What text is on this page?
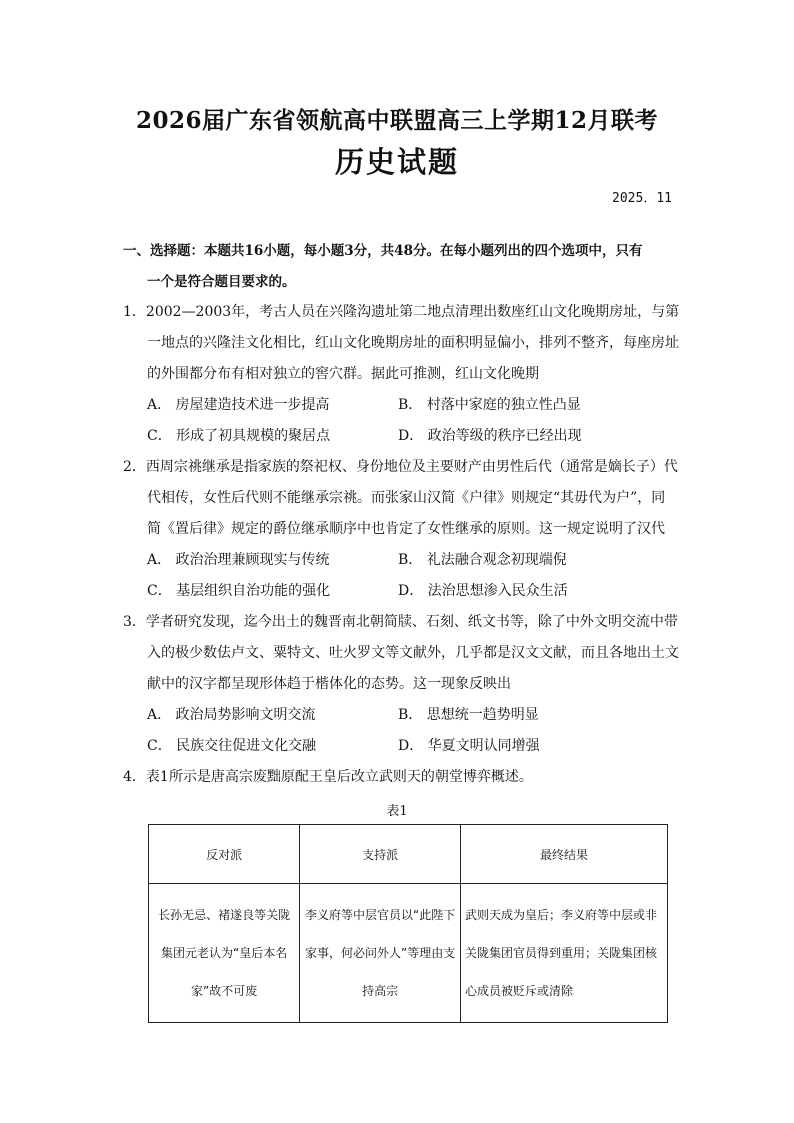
2026届广东省领航高中联盟高三上学期12月联考
历史试题
2025．11
一、选择题：本题共16小题，每小题3分，共48分。在每小题列出的四个选项中，只有
一个是符合题目要求的。
1．2002—2003年，考古人员在兴隆沟遗址第二地点清理出数座红山文化晚期房址，与第
一地点的兴隆洼文化相比，红山文化晚期房址的面积明显偏小，排列不整齐，每座房址
的外围都分布有相对独立的窖穴群。据此可推测，红山文化晚期
A． 房屋建造技术进一步提高	B． 村落中家庭的独立性凸显
C． 形成了初具规模的聚居点	D． 政治等级的秩序已经出现
2．西周宗祧继承是指家族的祭祀权、身份地位及主要财产由男性后代（通常是嫡长子）代
代相传，女性后代则不能继承宗祧。而张家山汉简《户律》则规定“其毋代为户”，同
简《置后律》规定的爵位继承顺序中也肯定了女性继承的原则。这一规定说明了汉代
A． 政治治理兼顾现实与传统	B． 礼法融合观念初现端倪
C． 基层组织自治功能的强化	D． 法治思想渗入民众生活
3．学者研究发现，迄今出土的魏晋南北朝简牍、石刻、纸文书等，除了中外文明交流中带
入的极少数佉卢文、粟特文、吐火罗文等文献外，几乎都是汉文文献，而且各地出土文
献中的汉字都呈现形体趋于楷体化的态势。这一现象反映出
A． 政治局势影响文明交流	B． 思想统一趋势明显
C． 民族交往促进文化交融	D． 华夏文明认同增强
4．表1所示是唐高宗废黜原配王皇后改立武则天的朝堂博弈概述。
表1
反对派	支持派	最终结果
长孙无忌、褚遂良等关陇集团元老认为“皇后本名家”故不可废	李义府等中层官员以“此陛下家事，何必问外人”等理由支持高宗	武则天成为皇后；李义府等中层或非关陇集团官员得到重用；关陇集团核心成员被贬斥或清除
